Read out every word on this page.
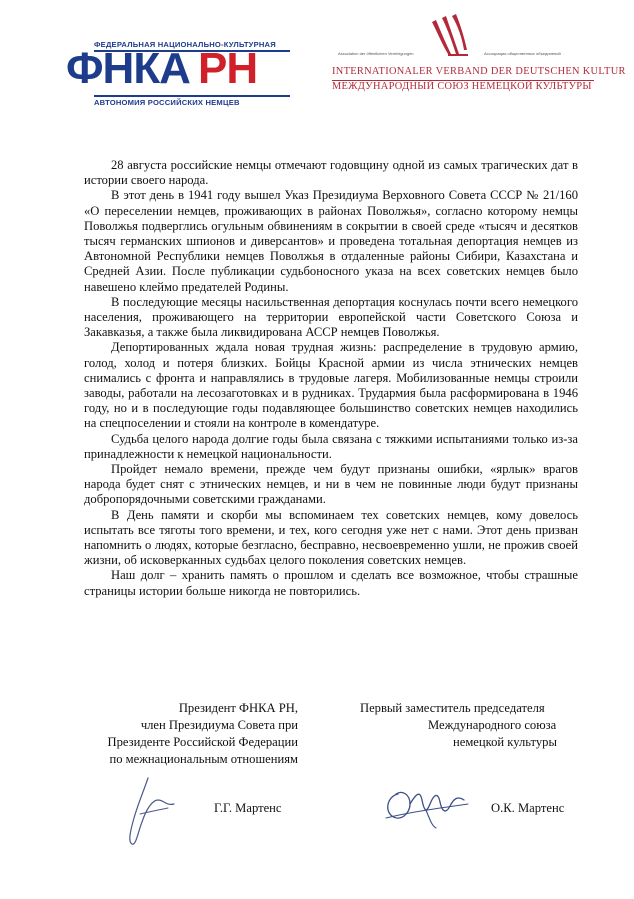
ФЕДЕРАЛЬНАЯ НАЦИОНАЛЬНО-КУЛЬТУРНАЯ
ФНКА РН
АВТОНОМИЯ РОССИЙСКИХ НЕМЦЕВ
Assoziation der öffentlichen Vereinigungen	Ассоциация общественных объединений
INTERNATIONALER VERBAND DER DEUTSCHEN KULTUR
МЕЖДУНАРОДНЫЙ СОЮЗ НЕМЕЦКОЙ КУЛЬТУРЫ

28 августа российские немцы отмечают годовщину одной из самых трагических дат в истории своего народа.

В этот день в 1941 году вышел Указ Президиума Верховного Совета СССР № 21/160 «О переселении немцев, проживающих в районах Поволжья», согласно которому немцы Поволжья подверглись огульным обвинениям в сокрытии в своей среде «тысяч и десятков тысяч германских шпионов и диверсантов» и проведена тотальная депортация немцев из Автономной Республики немцев Поволжья в отдаленные районы Сибири, Казахстана и Средней Азии. После публикации судьбоносного указа на всех советских немцев было навешено клеймо предателей Родины.

В последующие месяцы насильственная депортация коснулась почти всего немецкого населения, проживающего на территории европейской части Советского Союза и Закавказья, а также была ликвидирована АССР немцев Поволжья.

Депортированных ждала новая трудная жизнь: распределение в трудовую армию, голод, холод и потеря близких. Бойцы Красной армии из числа этнических немцев снимались с фронта и направлялись в трудовые лагеря. Мобилизованные немцы строили заводы, работали на лесозаготовках и в рудниках. Трудармия была расформирована в 1946 году, но и в последующие годы подавляющее большинство советских немцев находились на спецпоселении и стояли на контроле в комендатуре.

Судьба целого народа долгие годы была связана с тяжкими испытаниями только из-за принадлежности к немецкой национальности.

Пройдет немало времени, прежде чем будут признаны ошибки, «ярлык» врагов народа будет снят с этнических немцев, и ни в чем не повинные люди будут признаны добропорядочными советскими гражданами.

В День памяти и скорби мы вспоминаем тех советских немцев, кому довелось испытать все тяготы того времени, и тех, кого сегодня уже нет с нами. Этот день призван напомнить о людях, которые безгласно, бесправно, несвоевременно ушли, не прожив своей жизни, об исковерканных судьбах целого поколения советских немцев.

Наш долг – хранить память о прошлом и сделать все возможное, чтобы страшные страницы истории больше никогда не повторились.

Президент ФНКА РН,
член Президиума Совета при
Президенте Российской Федерации
по межнациональным отношениям
Первый заместитель председателя
Международного союза
немецкой культуры
Г.Г. Мартенс	О.К. Мартенс
